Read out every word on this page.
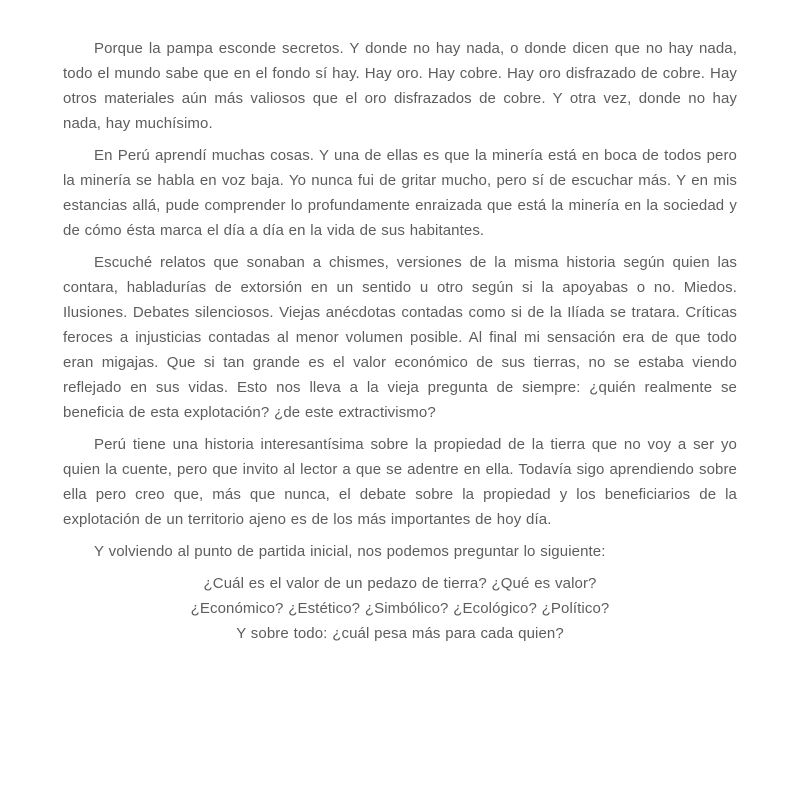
Porque la pampa esconde secretos. Y donde no hay nada, o donde dicen que no hay nada, todo el mundo sabe que en el fondo sí hay. Hay oro. Hay cobre. Hay oro disfrazado de cobre. Hay otros materiales aún más valiosos que el oro disfrazados de cobre. Y otra vez, donde no hay nada, hay muchísimo.

En Perú aprendí muchas cosas. Y una de ellas es que la minería está en boca de todos pero la minería se habla en voz baja. Yo nunca fui de gritar mucho, pero sí de escuchar más. Y en mis estancias allá, pude comprender lo profundamente enraizada que está la minería en la sociedad y de cómo ésta marca el día a día en la vida de sus habitantes.

Escuché relatos que sonaban a chismes, versiones de la misma historia según quien las contara, habladurías de extorsión en un sentido u otro según si la apoyabas o no. Miedos. Ilusiones. Debates silenciosos. Viejas anécdotas contadas como si de la Ilíada se tratara. Críticas feroces a injusticias contadas al menor volumen posible. Al final mi sensación era de que todo eran migajas. Que si tan grande es el valor económico de sus tierras, no se estaba viendo reflejado en sus vidas. Esto nos lleva a la vieja pregunta de siempre: ¿quién realmente se beneficia de esta explotación? ¿de este extractivismo?

Perú tiene una historia interesantísima sobre la propiedad de la tierra que no voy a ser yo quien la cuente, pero que invito al lector a que se adentre en ella. Todavía sigo aprendiendo sobre ella pero creo que, más que nunca, el debate sobre la propiedad y los beneficiarios de la explotación de un territorio ajeno es de los más importantes de hoy día.

Y volviendo al punto de partida inicial, nos podemos preguntar lo siguiente:

¿Cuál es el valor de un pedazo de tierra? ¿Qué es valor?

¿Económico? ¿Estético? ¿Simbólico? ¿Ecológico? ¿Político?

Y sobre todo: ¿cuál pesa más para cada quien?
